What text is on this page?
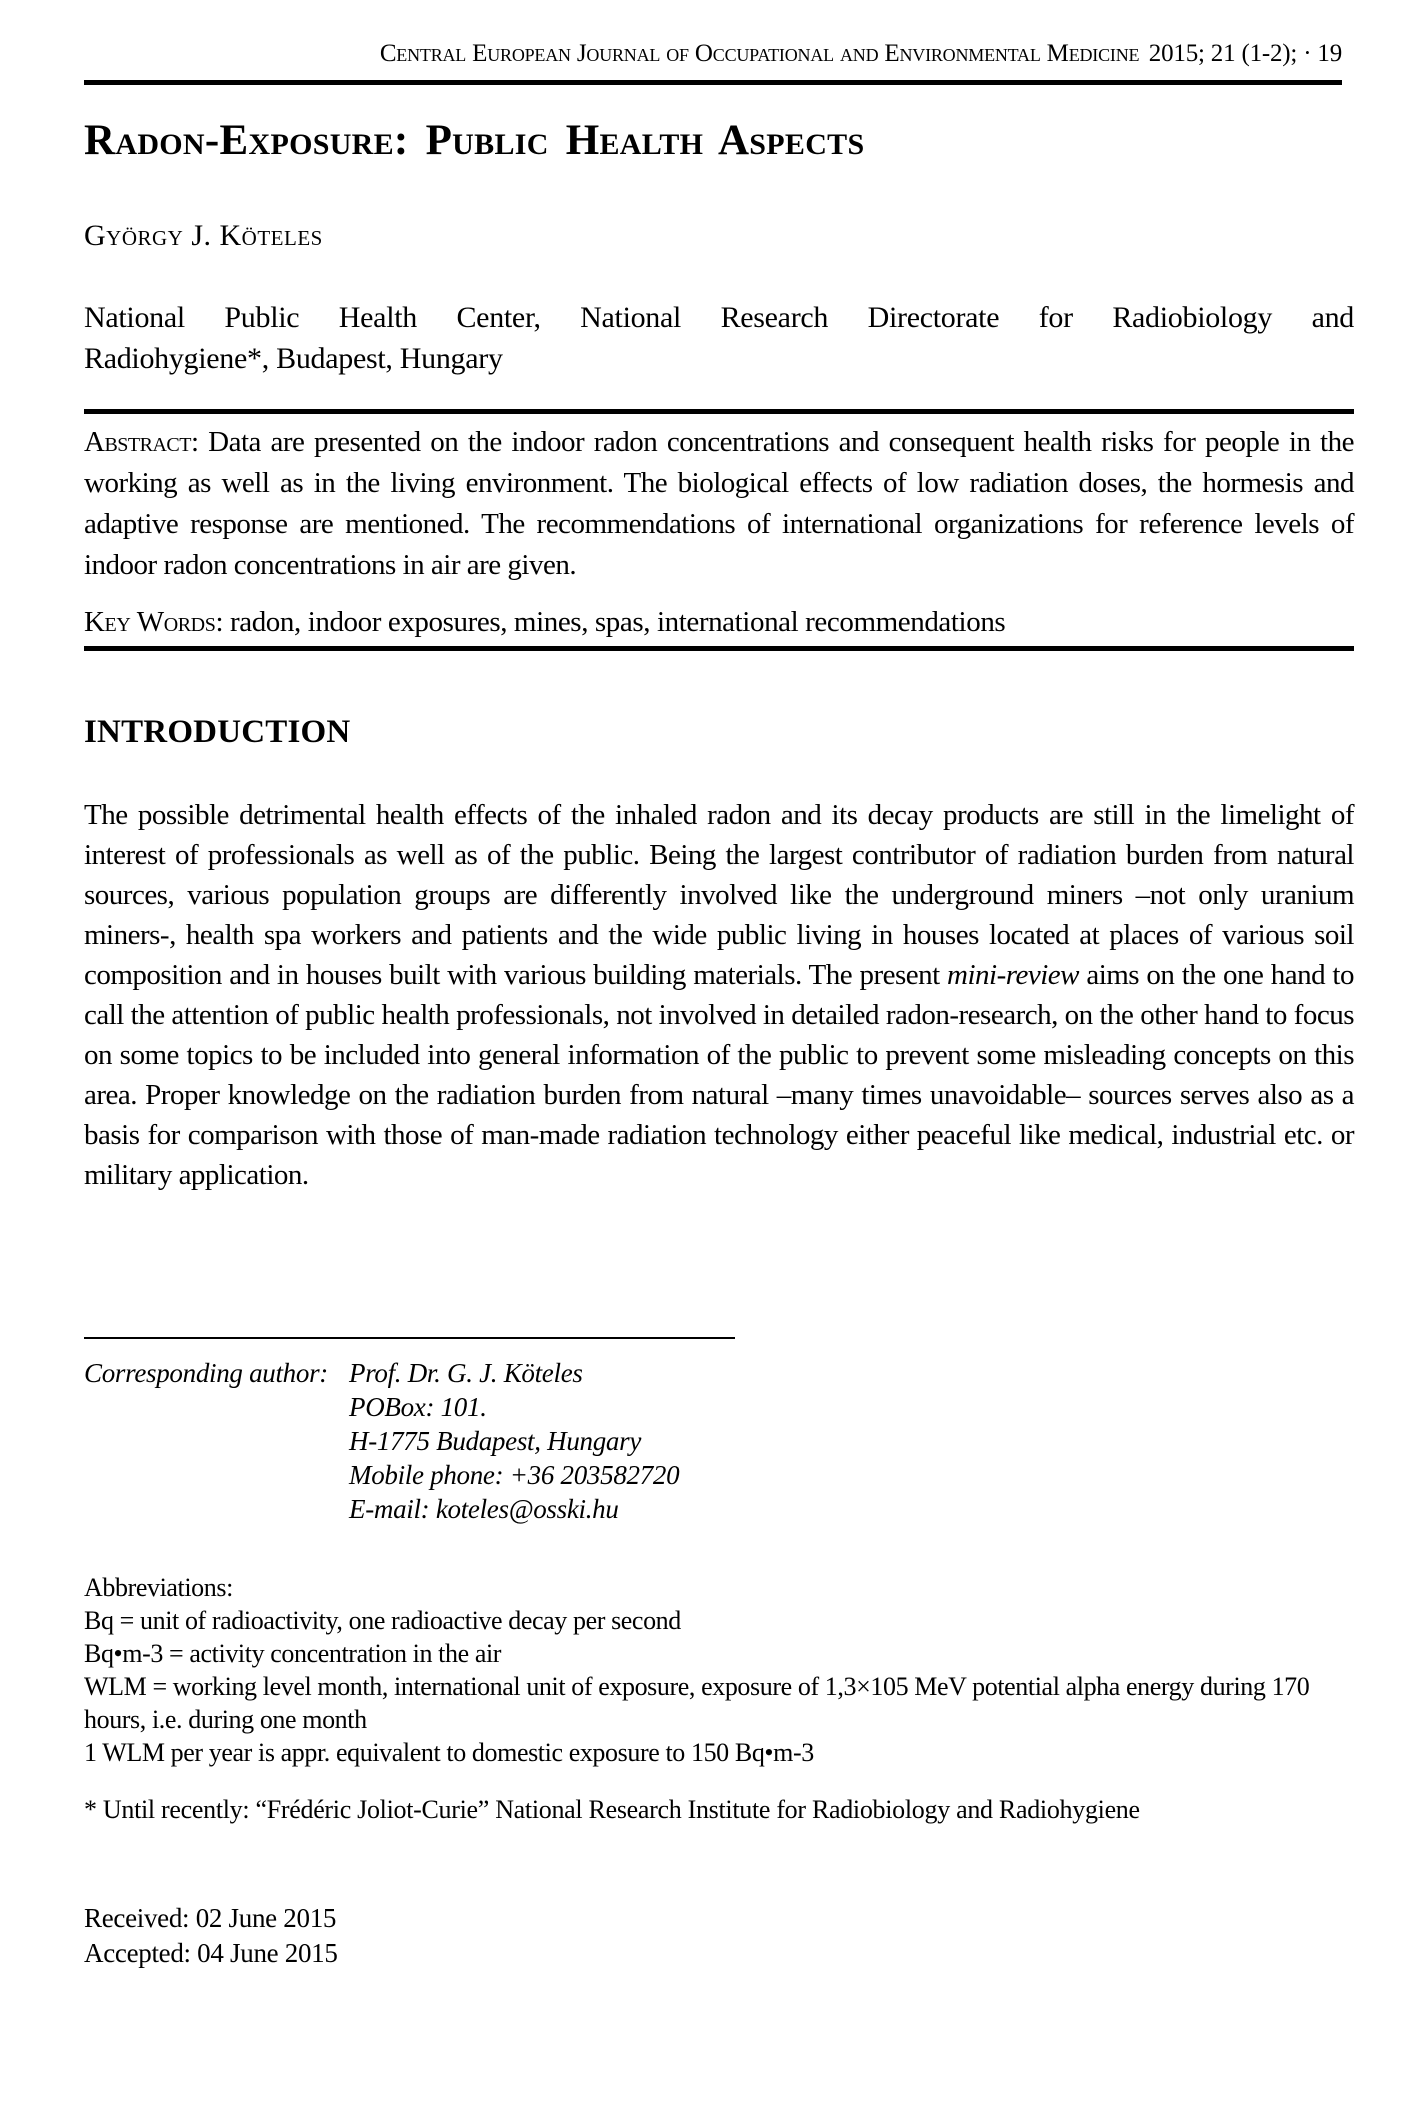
Central European Journal of Occupational and Environmental Medicine 2015; 21 (1-2); · 19
Radon-Exposure: Public Health Aspects
György J. Köteles
National Public Health Center, National Research Directorate for Radiobiology and
Radiohygiene*, Budapest, Hungary

Abstract: Data are presented on the indoor radon concentrations and consequent health risks for people in the working as well as in the living environment. The biological effects of low radiation doses, the hormesis and adaptive response are mentioned. The recommendations of international organizations for reference levels of indoor radon concentrations in air are given.

Key Words: radon, indoor exposures, mines, spas, international recommendations

INTRODUCTION

The possible detrimental health effects of the inhaled radon and its decay products are still in the limelight of interest of professionals as well as of the public. Being the largest contributor of radiation burden from natural sources, various population groups are differently involved like the underground miners –not only uranium miners-, health spa workers and patients and the wide public living in houses located at places of various soil composition and in houses built with various building materials. The present mini-review aims on the one hand to call the attention of public health professionals, not involved in detailed radon-research, on the other hand to focus on some topics to be included into general information of the public to prevent some misleading concepts on this area. Proper knowledge on the radiation burden from natural –many times unavoidable– sources serves also as a basis for comparison with those of man-made radiation technology either peaceful like medical, industrial etc. or military application.

Corresponding author: Prof. Dr. G. J. Köteles
POBox: 101.
H-1775 Budapest, Hungary
Mobile phone: +36 203582720
E-mail: koteles@osski.hu
Abbreviations:
Bq = unit of radioactivity, one radioactive decay per second
Bq•m-3 = activity concentration in the air
WLM = working level month, international unit of exposure, exposure of 1,3×105 MeV potential alpha energy during 170 hours, i.e. during one month
1 WLM per year is appr. equivalent to domestic exposure to 150 Bq•m-3

* Until recently: “Frédéric Joliot-Curie” National Research Institute for Radiobiology and Radiohygiene

Received: 02 June 2015
Accepted: 04 June 2015
